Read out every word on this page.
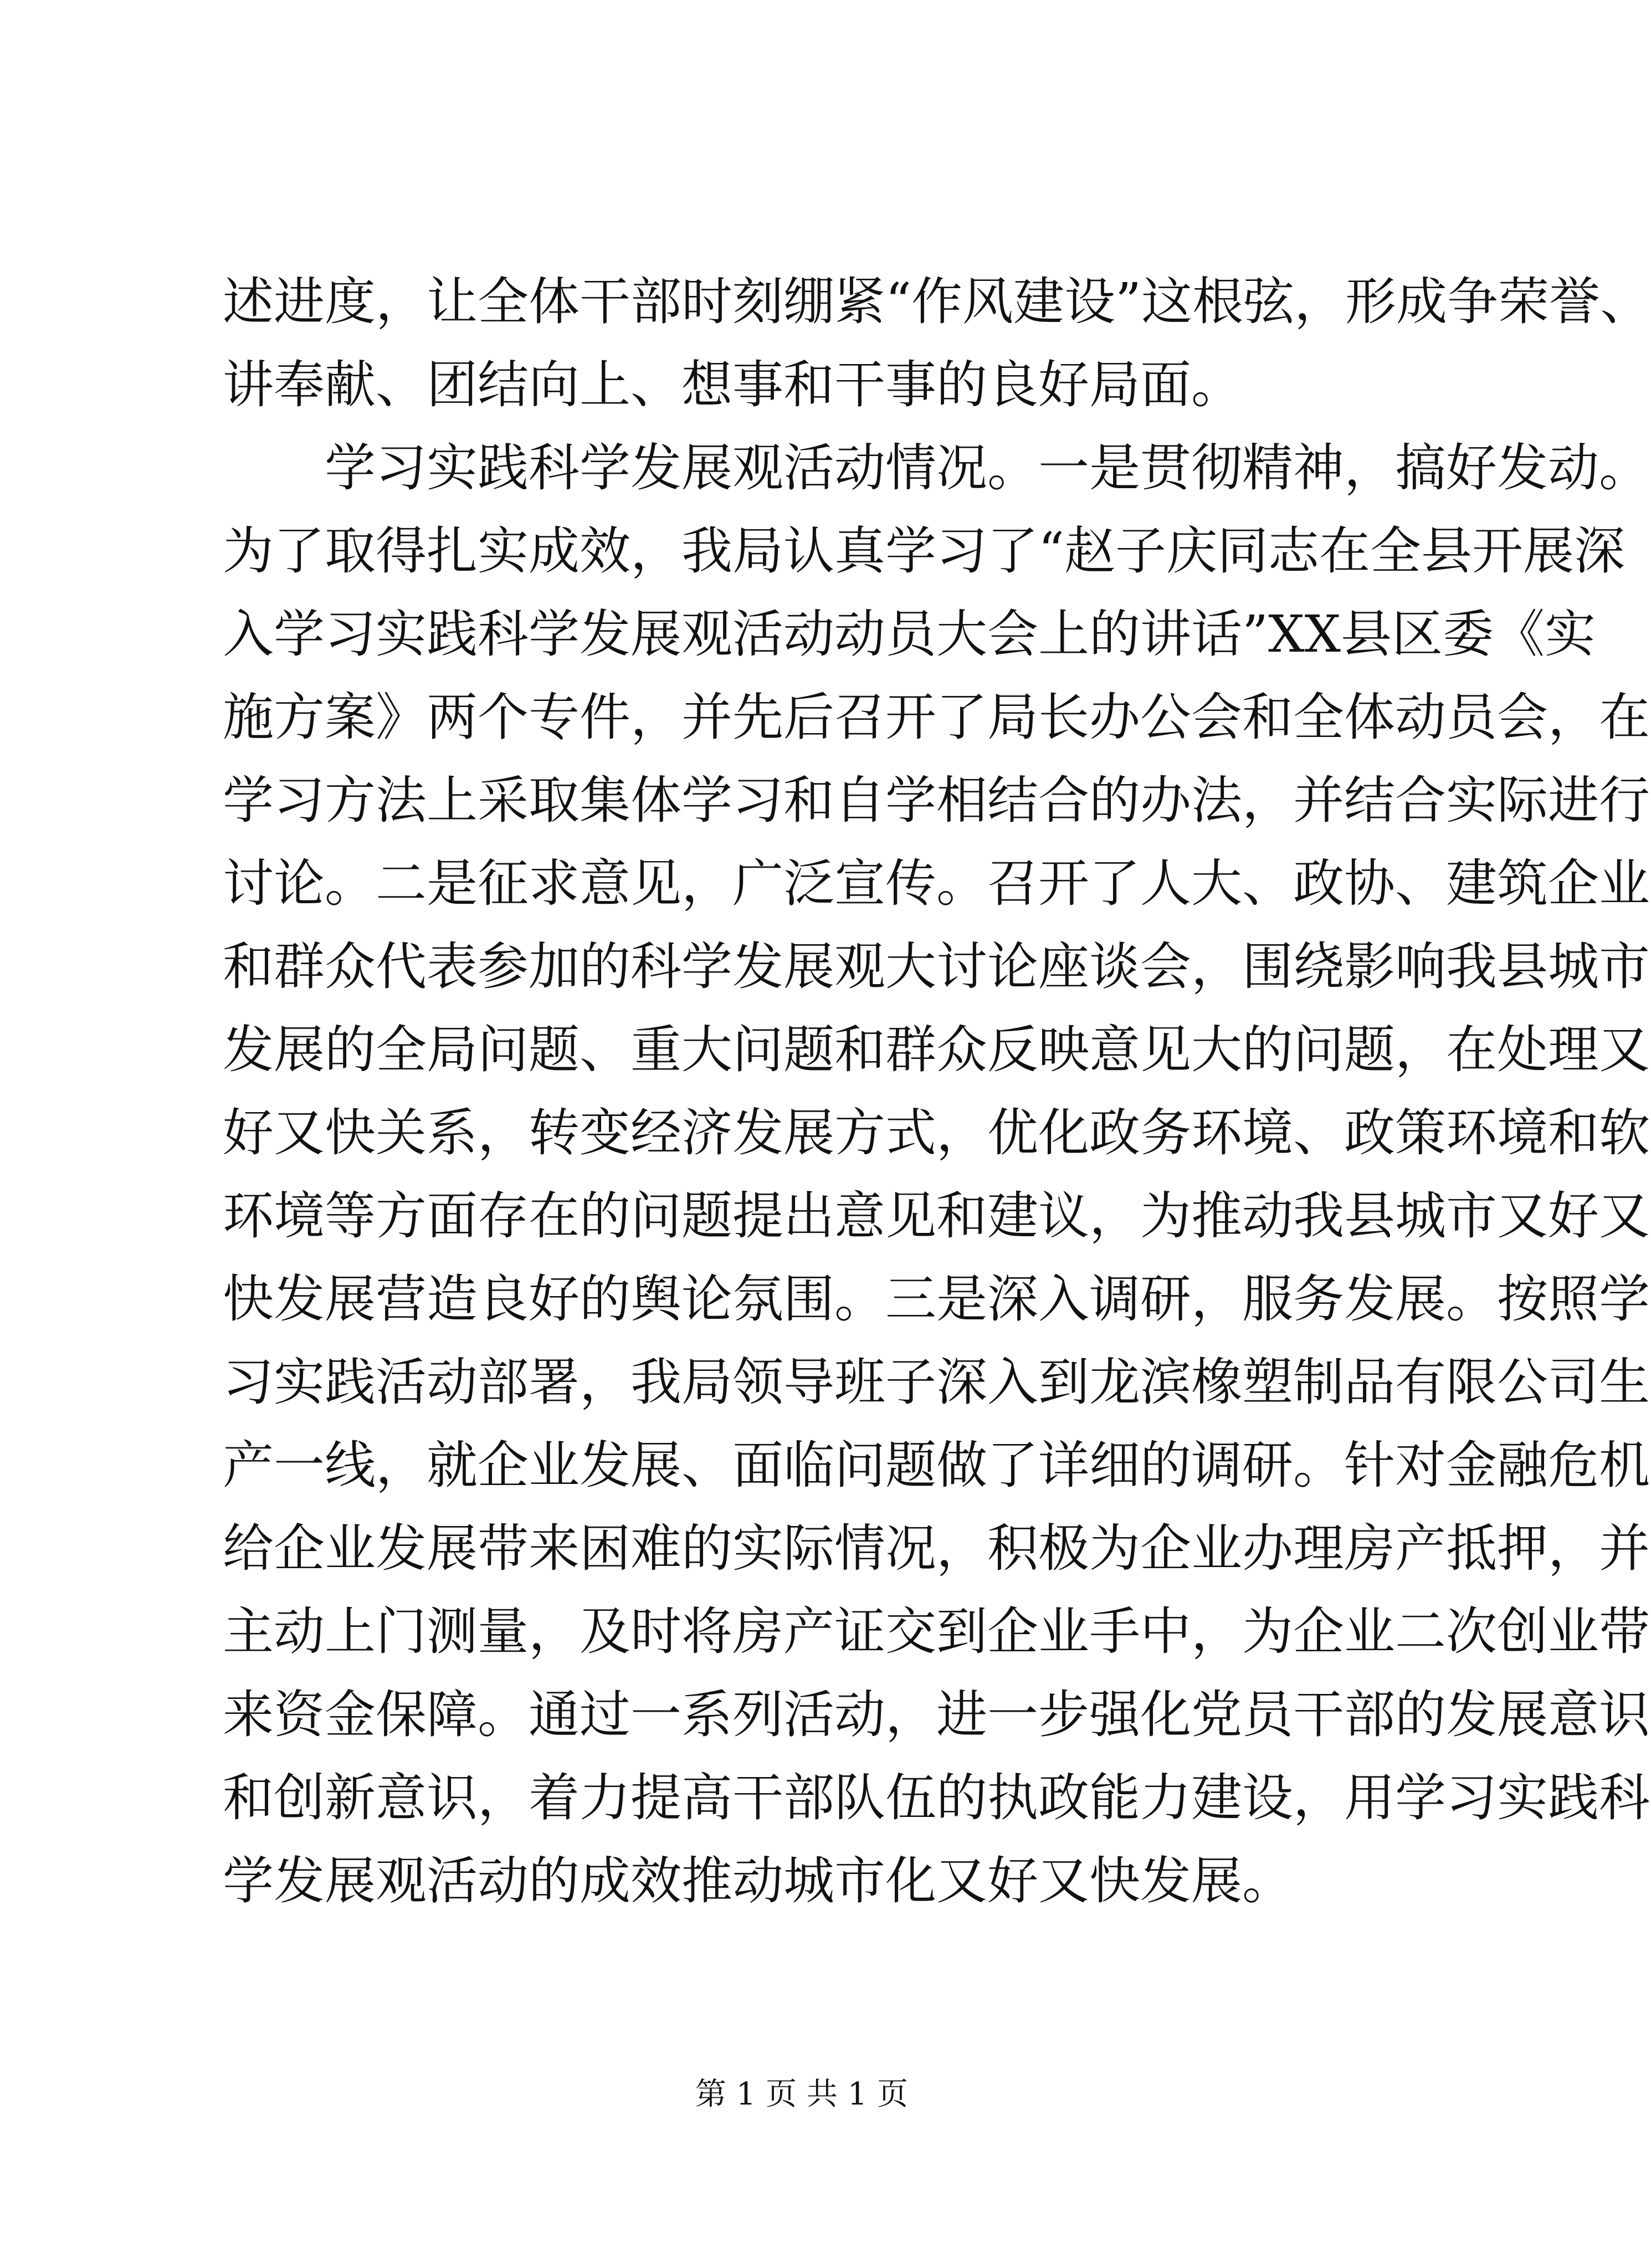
述进度，让全体干部时刻绷紧“作风建设”这根弦，形成争荣誉、
讲奉献、团结向上、想事和干事的良好局面。
　　学习实践科学发展观活动情况。一是贯彻精神，搞好发动。
为了取得扎实成效，我局认真学习了“赵子庆同志在全县开展深
入学习实践科学发展观活动动员大会上的讲话”XX县区委《实
施方案》两个专件，并先后召开了局长办公会和全体动员会，在
学习方法上采取集体学习和自学相结合的办法，并结合实际进行
讨论。二是征求意见，广泛宣传。召开了人大、政协、建筑企业
和群众代表参加的科学发展观大讨论座谈会，围绕影响我县城市
发展的全局问题、重大问题和群众反映意见大的问题，在处理又
好又快关系，转变经济发展方式，优化政务环境、政策环境和软
环境等方面存在的问题提出意见和建议，为推动我县城市又好又
快发展营造良好的舆论氛围。三是深入调研，服务发展。按照学
习实践活动部署，我局领导班子深入到龙滨橡塑制品有限公司生
产一线，就企业发展、面临问题做了详细的调研。针对金融危机
给企业发展带来困难的实际情况，积极为企业办理房产抵押，并
主动上门测量，及时将房产证交到企业手中，为企业二次创业带
来资金保障。通过一系列活动，进一步强化党员干部的发展意识
和创新意识，着力提高干部队伍的执政能力建设，用学习实践科
学发展观活动的成效推动城市化又好又快发展。
第 1 页 共 1 页
